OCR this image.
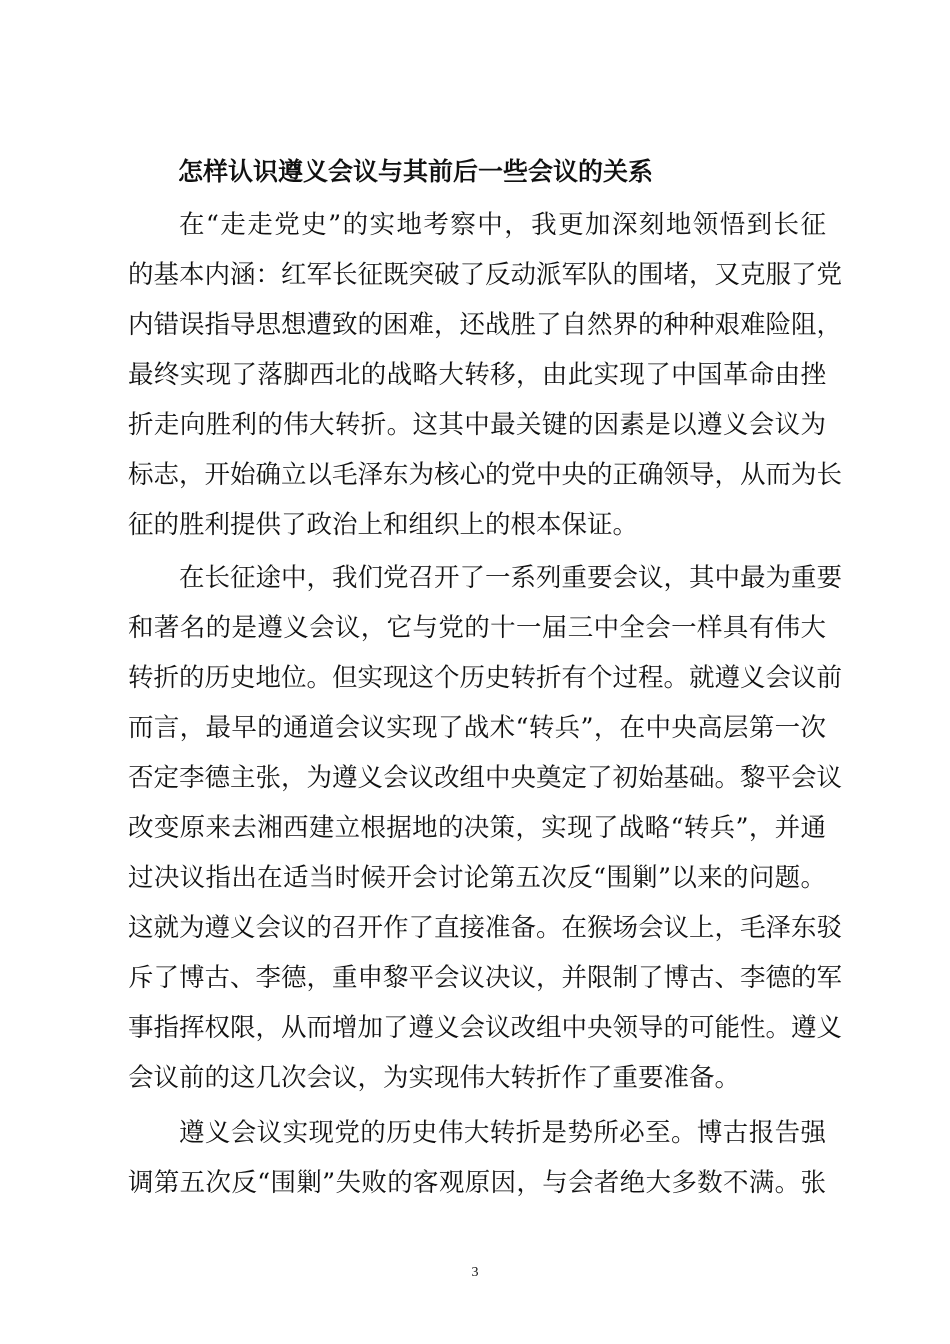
怎样认识遵义会议与其前后一些会议的关系
在“走走党史”的实地考察中，我更加深刻地领悟到长征
的基本内涵：红军长征既突破了反动派军队的围堵，又克服了党
内错误指导思想遭致的困难，还战胜了自然界的种种艰难险阻，
最终实现了落脚西北的战略大转移，由此实现了中国革命由挫
折走向胜利的伟大转折。这其中最关键的因素是以遵义会议为
标志，开始确立以毛泽东为核心的党中央的正确领导，从而为长
征的胜利提供了政治上和组织上的根本保证。
在长征途中，我们党召开了一系列重要会议，其中最为重要
和著名的是遵义会议，它与党的十一届三中全会一样具有伟大
转折的历史地位。但实现这个历史转折有个过程。就遵义会议前
而言，最早的通道会议实现了战术“转兵”，在中央高层第一次
否定李德主张，为遵义会议改组中央奠定了初始基础。黎平会议
改变原来去湘西建立根据地的决策，实现了战略“转兵”，并通
过决议指出在适当时候开会讨论第五次反“围剿”以来的问题。
这就为遵义会议的召开作了直接准备。在猴场会议上，毛泽东驳
斥了博古、李德，重申黎平会议决议，并限制了博古、李德的军
事指挥权限，从而增加了遵义会议改组中央领导的可能性。遵义
会议前的这几次会议，为实现伟大转折作了重要准备。
遵义会议实现党的历史伟大转折是势所必至。博古报告强
调第五次反“围剿”失败的客观原因，与会者绝大多数不满。张
3
